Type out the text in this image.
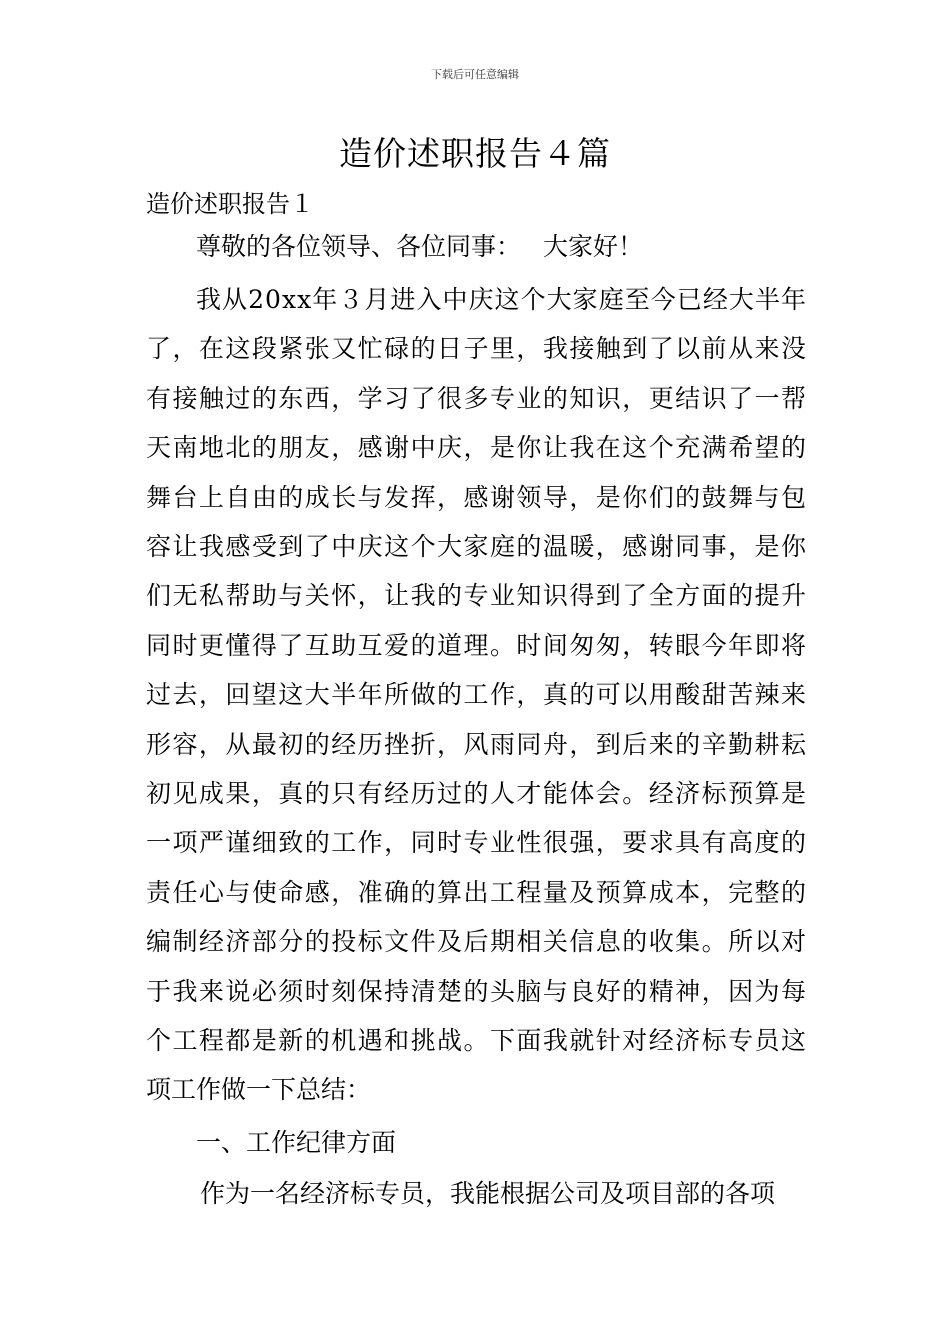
下载后可任意编辑
造价述职报告４篇
造价述职报告１
尊敬的各位领导、各位同事： 大家好！
我从20xx年３月进入中庆这个大家庭至今已经大半年
了，在这段紧张又忙碌的日子里，我接触到了以前从来没
有接触过的东西，学习了很多专业的知识，更结识了一帮
天南地北的朋友，感谢中庆，是你让我在这个充满希望的
舞台上自由的成长与发挥，感谢领导，是你们的鼓舞与包
容让我感受到了中庆这个大家庭的温暖，感谢同事，是你
们无私帮助与关怀，让我的专业知识得到了全方面的提升
同时更懂得了互助互爱的道理。时间匆匆，转眼今年即将
过去，回望这大半年所做的工作，真的可以用酸甜苦辣来
形容，从最初的经历挫折，风雨同舟，到后来的辛勤耕耘
初见成果，真的只有经历过的人才能体会。经济标预算是
一项严谨细致的工作，同时专业性很强，要求具有高度的
责任心与使命感，准确的算出工程量及预算成本，完整的
编制经济部分的投标文件及后期相关信息的收集。所以对
于我来说必须时刻保持清楚的头脑与良好的精神，因为每
个工程都是新的机遇和挑战。下面我就针对经济标专员这
项工作做一下总结：
一、工作纪律方面
作为一名经济标专员，我能根据公司及项目部的各项
